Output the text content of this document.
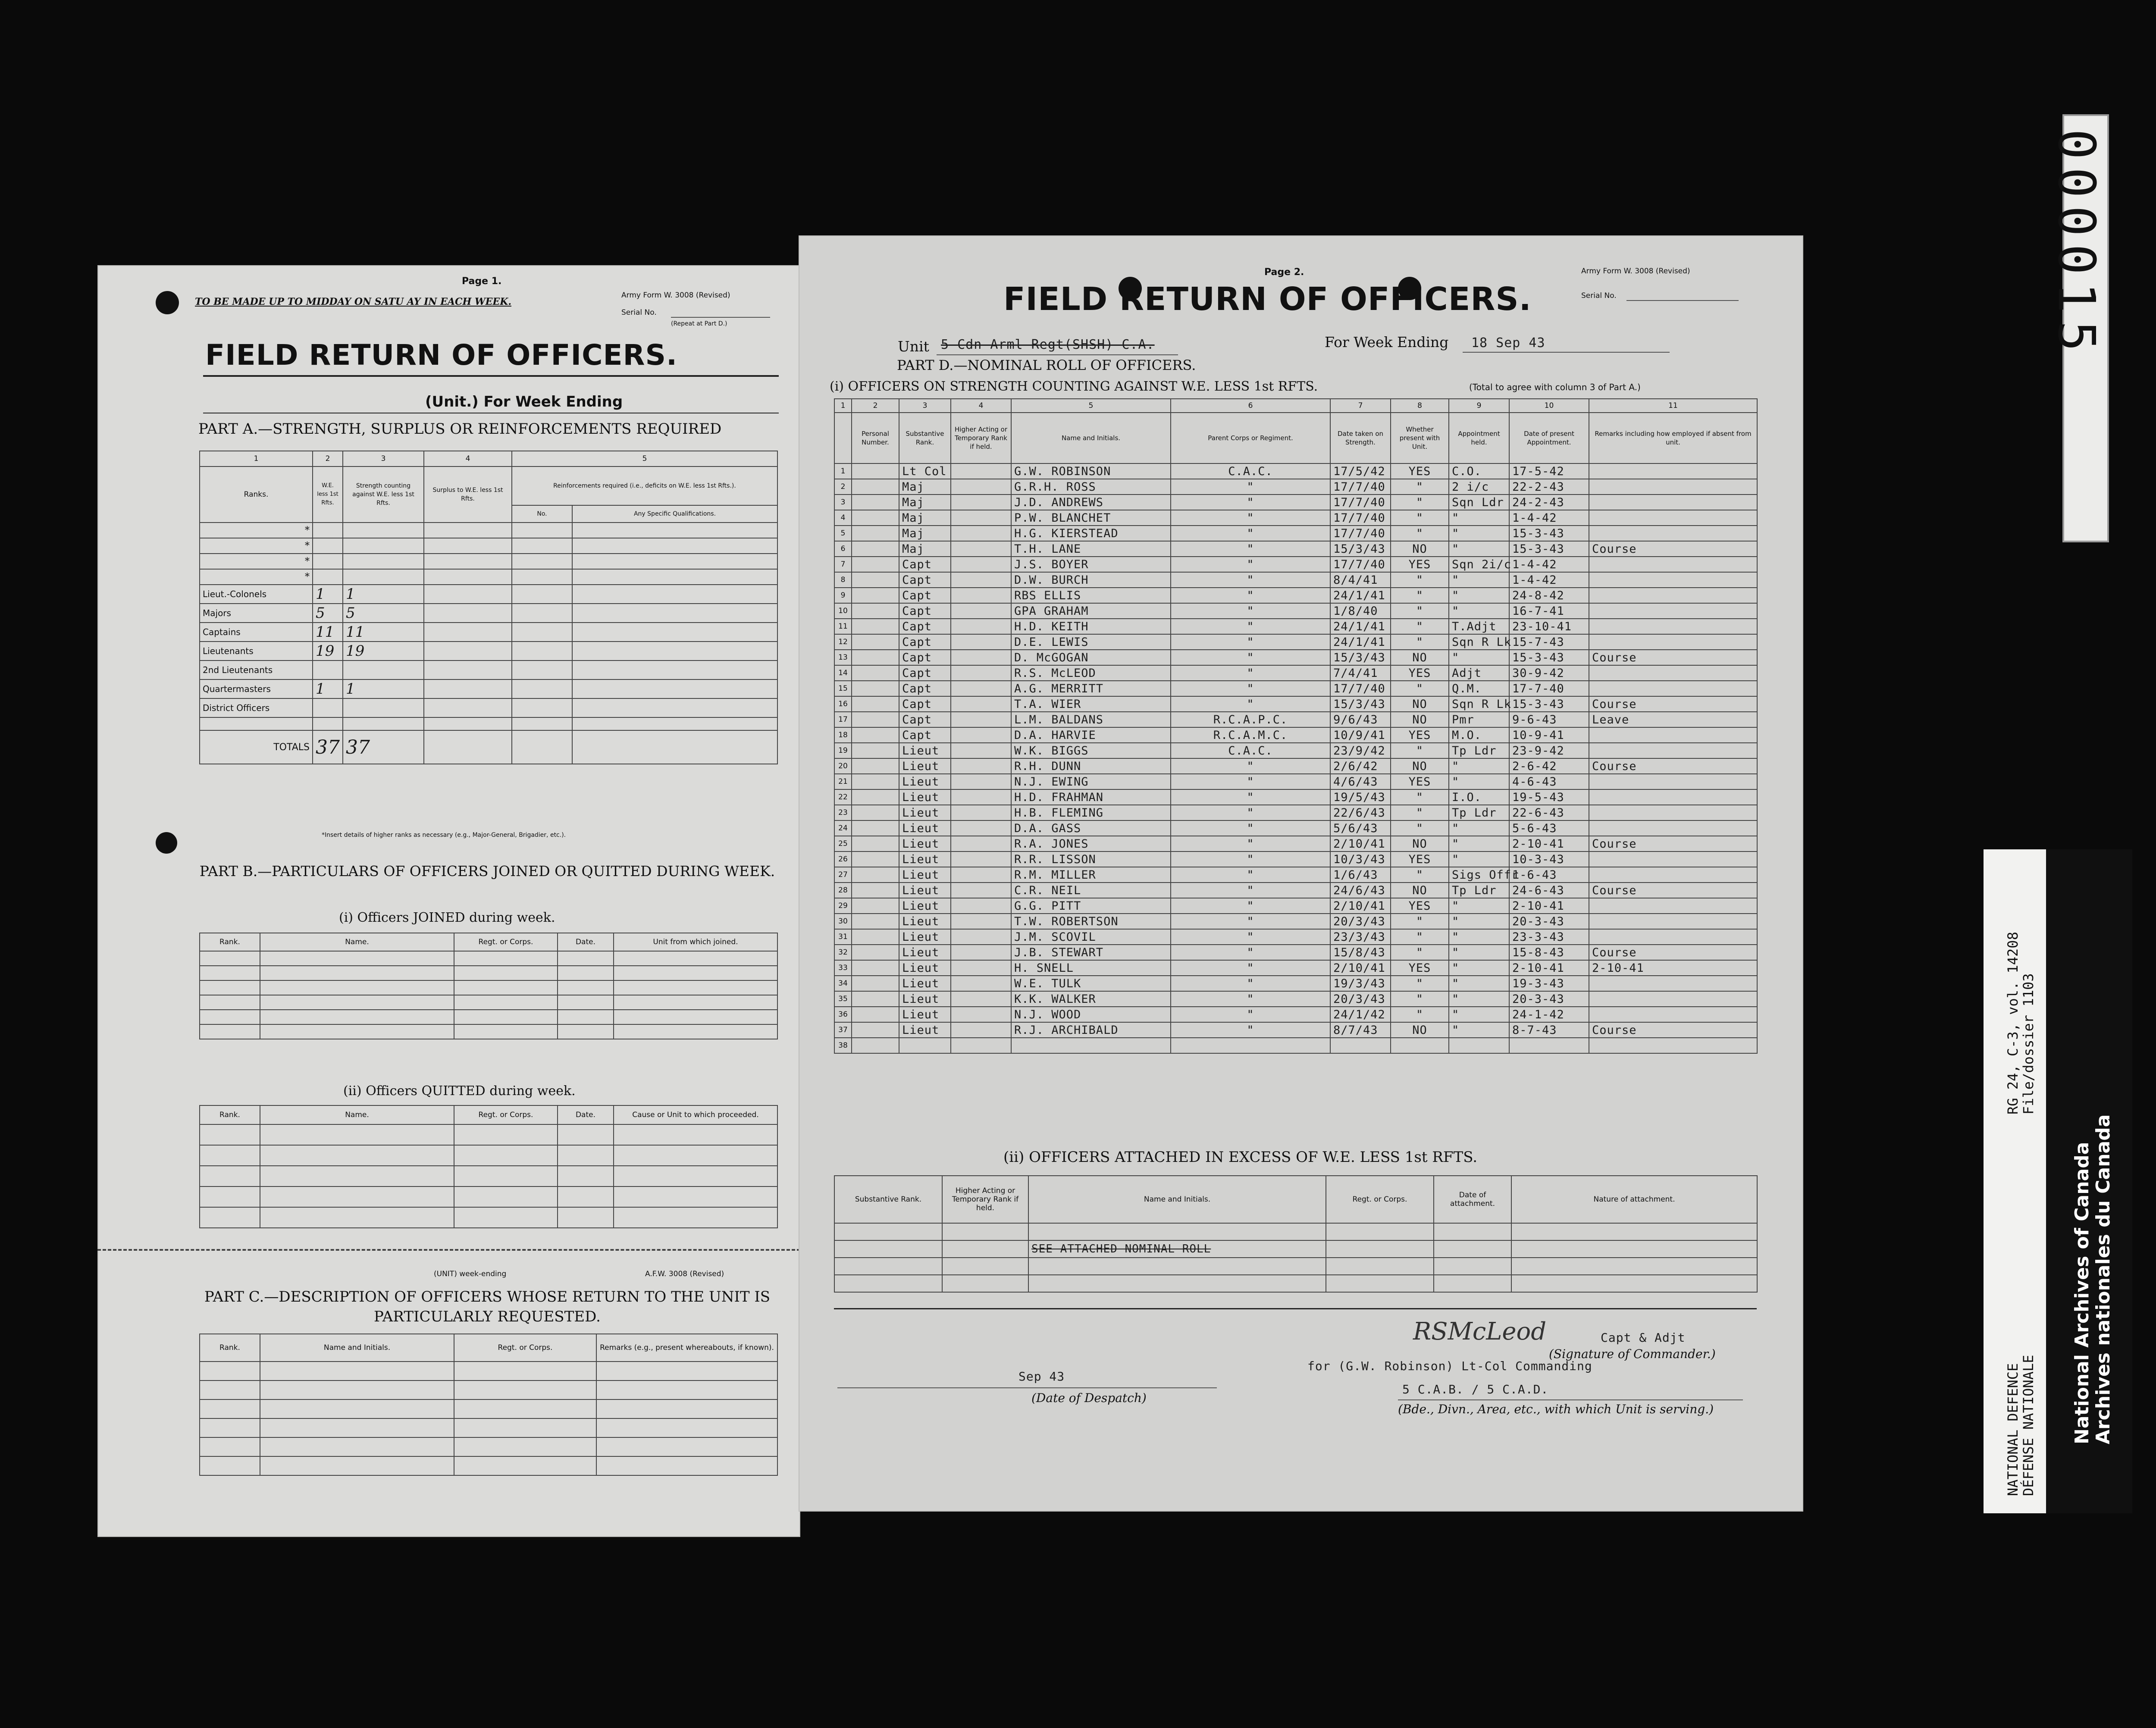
Page 1.
TO BE MADE UP TO MIDDAY ON SATU AY IN EACH WEEK.
Army Form W. 3008 (Revised)
Serial No.
(Repeat at Part D.)
FIELD RETURN OF OFFICERS.
(Unit.) For Week Ending
PART A.—STRENGTH, SURPLUS OR REINFORCEMENTS REQUIRED
1	2	3	4	5	
Ranks.	W.E. less 1st Rfts.	Strength counting against W.E. less 1st Rfts.	Surplus to W.E. less 1st Rfts.	Reinforcements required (i.e., deficits on W.E. less 1st Rfts.).	
				No.	Any Specific Qualifications.
*					
*					
*					
*					
Lieut.-Colonels	1	1			
Majors	5	5			
Captains	11	11			
Lieutenants	19	19			
2nd Lieutenants					
Quartermasters	1	1			
District Officers					

TOTALS	37	37			
*Insert details of higher ranks as necessary (e.g., Major-General, Brigadier, etc.).
PART B.—PARTICULARS OF OFFICERS JOINED OR QUITTED DURING WEEK.
(i) Officers JOINED during week.
Rank.	Name.	Regt. or Corps.	Date.	Unit from which joined.

(ii) Officers QUITTED during week.
Rank.	Name.	Regt. or Corps.	Date.	Cause or Unit to which proceeded.

(UNIT) week-ending	A.F.W. 3008 (Revised)
PART C.—DESCRIPTION OF OFFICERS WHOSE RETURN TO THE UNIT IS PARTICULARLY REQUESTED.
Rank.	Name and Initials.	Regt. or Corps.	Remarks (e.g., present whereabouts, if known).

Page 2.	Army Form W. 3008 (Revised)
Serial No.
FIELD RETURN OF OFFICERS.
Unit 5 Cdn Arml Regt(SHSH) C.A.	For Week Ending 18 Sep 43
PART D.—NOMINAL ROLL OF OFFICERS.
(i) OFFICERS ON STRENGTH COUNTING AGAINST W.E. LESS 1st RFTS.	(Total to agree with column 3 of Part A.)
1	2	3	4	5	6	7	8	9	10	11
	Personal Number.	Substantive Rank.	Higher Acting or Temporary Rank if held.	Name and Initials.	Parent Corps or Regiment.	Date taken on Strength.	Whether present with Unit.	Appointment held.	Date of present Appointment.	Remarks including how employed if absent from unit.
1		Lt Col		G.W. ROBINSON	C.A.C.	17/5/42	YES	C.O.	17-5-42	
2		Maj		G.R.H. ROSS	"	17/7/40	"	2 i/c	22-2-43	
3		Maj		J.D. ANDREWS	"	17/7/40	"	Sqn Ldr	24-2-43	
4		Maj		P.W. BLANCHET	"	17/7/40	"	"	1-4-42	
5		Maj		H.G. KIERSTEAD	"	17/7/40	"	"	15-3-43	
6		Maj		T.H. LANE	"	15/3/43	NO	"	15-3-43	Course
7		Capt		J.S. BOYER	"	17/7/40	YES	Sqn 2i/c	1-4-42	
8		Capt		D.W. BURCH	"	8/4/41	"	"	1-4-42	
9		Capt		RBS ELLIS	"	24/1/41	"	"	24-8-42	
10		Capt		GPA GRAHAM	"	1/8/40	"	"	16-7-41	
11		Capt		H.D. KEITH	"	24/1/41	"	T.Adjt	23-10-41	
12		Capt		D.E. LEWIS	"	24/1/41	"	Sqn R Lk	15-7-43	
13		Capt		D. McGOGAN	"	15/3/43	NO	"	15-3-43	Course
14		Capt		R.S. McLEOD	"	7/4/41	YES	Adjt	30-9-42	
15		Capt		A.G. MERRITT	"	17/7/40	"	Q.M.	17-7-40	
16		Capt		T.A. WIER	"	15/3/43	NO	Sqn R Lk	15-3-43	Course
17		Capt		L.M. BALDANS	R.C.A.P.C.	9/6/43	NO	Pmr	9-6-43	Leave
18		Capt		D.A. HARVIE	R.C.A.M.C.	10/9/41	YES	M.O.	10-9-41	
19		Lieut		W.K. BIGGS	C.A.C.	23/9/42	"	Tp Ldr	23-9-42	
20		Lieut		R.H. DUNN	"	2/6/42	NO	"	2-6-42	Course
21		Lieut		N.J. EWING	"	4/6/43	YES	"	4-6-43	
22		Lieut		H.D. FRAHMAN	"	19/5/43	"	I.O.	19-5-43	
23		Lieut		H.B. FLEMING	"	22/6/43	"	Tp Ldr	22-6-43	
24		Lieut		D.A. GASS	"	5/6/43	"	"	5-6-43	
25		Lieut		R.A. JONES	"	2/10/41	NO	"	2-10-41	Course
26		Lieut		R.R. LISSON	"	10/3/43	YES	"	10-3-43	
27		Lieut		R.M. MILLER	"	1/6/43	"	Sigs Offr	1-6-43	
28		Lieut		C.R. NEIL	"	24/6/43	NO	Tp Ldr	24-6-43	Course
29		Lieut		G.G. PITT	"	2/10/41	YES	"	2-10-41	
30		Lieut		T.W. ROBERTSON	"	20/3/43	"	"	20-3-43	
31		Lieut		J.M. SCOVIL	"	23/3/43	"	"	23-3-43	
32		Lieut		J.B. STEWART	"	15/8/43	"	"	15-8-43	Course
33		Lieut		H. SNELL	"	2/10/41	YES	"	2-10-41	2-10-41
34		Lieut		W.E. TULK	"	19/3/43	"	"	19-3-43	
35		Lieut		K.K. WALKER	"	20/3/43	"	"	20-3-43	
36		Lieut		N.J. WOOD	"	24/1/42	"	"	24-1-42	
37		Lieut		R.J. ARCHIBALD	"	8/7/43	NO	"	8-7-43	Course
38										
(ii) OFFICERS ATTACHED IN EXCESS OF W.E. LESS 1st RFTS.
Substantive Rank.	Higher Acting or Temporary Rank if held.	Name and Initials.	Regt. or Corps.	Date of attachment.	Nature of attachment.

		SEE ATTACHED NOMINAL ROLL			

RSMcLeod	Capt & Adjt
(Signature of Commander.)
for (G.W. Robinson) Lt-Col Commanding
Sep 43
(Date of Despatch)
5 C.A.B. / 5 C.A.D.
(Bde., Divn., Area, etc., with which Unit is serving.)
000015
NATIONAL DEFENCE
DÉFENSE NATIONALE
RG 24, C-3, vol. 14208
File/dossier 1103
National Archives of Canada
Archives nationales du Canada
